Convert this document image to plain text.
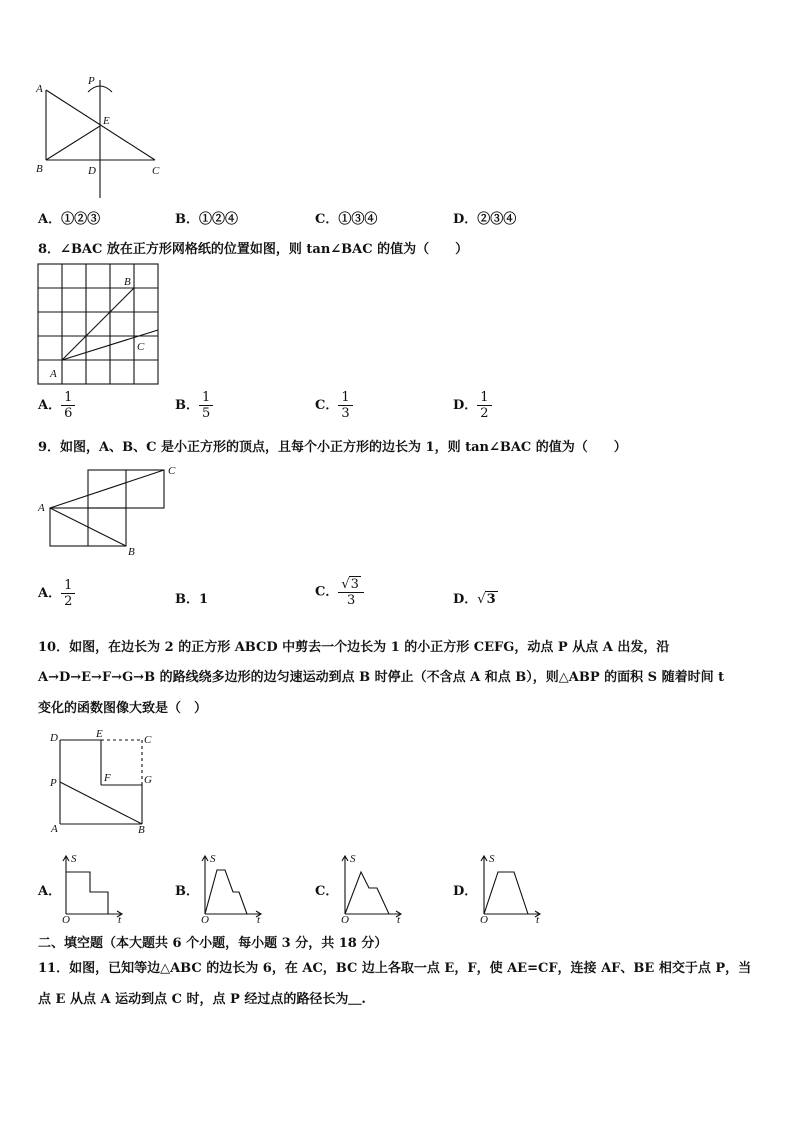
A
P
E
B	D	C
A．①②③	B．①②④	C．①③④	D．②③④
8．∠BAC 放在正方形网格纸的位置如图，则 tan∠BAC 的值为（　　）
A
B
C
A． $\frac{1}{6}$	B． $\frac{1}{5}$	C． $\frac{1}{3}$	D． $\frac{1}{2}$
9．如图，A、B、C 是小正方形的顶点，且每个小正方形的边长为 1，则 tan∠BAC 的值为（　　）
A
B
C
A． $\frac{1}{2}$	B．1	C． $\frac{√3}{3}$	D．√3
10．如图，在边长为 2 的正方形 ABCD 中剪去一个边长为 1 的小正方形 CEFG，动点 P 从点 A 出发，沿
A→D→E→F→G→B 的路线绕多边形的边匀速运动到点 B 时停止（不含点 A 和点 B），则△ABP 的面积 S 随着时间 t
变化的函数图像大致是（　）
D	E	C
F	G
P
A	B
A．	B．	C．	D．
S
O	t
S
O	t
S
O	t
S
O	t
二、填空题（本大题共 6 个小题，每小题 3 分，共 18 分）
11．如图，已知等边△ABC 的边长为 6，在 AC，BC 边上各取一点 E，F，使 AE=CF，连接 AF、BE 相交于点 P，当
点 E 从点 A 运动到点 C 时，点 P 经过点的路径长为＿.
